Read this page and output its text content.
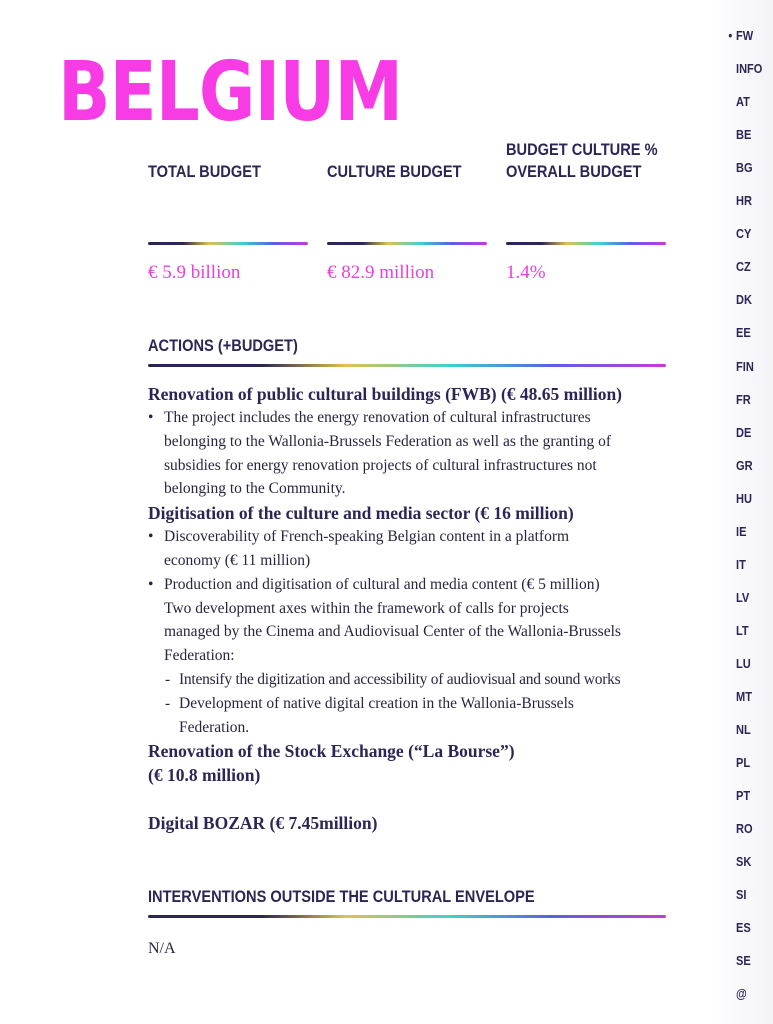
BELGIUM
TOTAL BUDGET
€ 5.9 billion
CULTURE BUDGET
€ 82.9 million
BUDGET CULTURE %
OVERALL BUDGET
1.4%
ACTIONS (+BUDGET)
Renovation of public cultural buildings (FWB) (€ 48.65 million)
• The project includes the energy renovation of cultural infrastructures
belonging to the Wallonia-Brussels Federation as well as the granting of
subsidies for energy renovation projects of cultural infrastructures not
belonging to the Community.
Digitisation of the culture and media sector (€ 16 million)
• Discoverability of French-speaking Belgian content in a platform
economy (€ 11 million)
• Production and digitisation of cultural and media content (€ 5 million)
Two development axes within the framework of calls for projects
managed by the Cinema and Audiovisual Center of the Wallonia-Brussels
Federation:
- Intensify the digitization and accessibility of audiovisual and sound works
- Development of native digital creation in the Wallonia-Brussels
Federation.
Renovation of the Stock Exchange (“La Bourse”)
(€ 10.8 million)
Digital BOZAR (€ 7.45million)
INTERVENTIONS OUTSIDE THE CULTURAL ENVELOPE
N/A
• FW
INFO
AT
BE
BG
HR
CY
CZ
DK
EE
FIN
FR
DE
GR
HU
IE
IT
LV
LT
LU
MT
NL
PL
PT
RO
SK
SI
ES
SE
@
